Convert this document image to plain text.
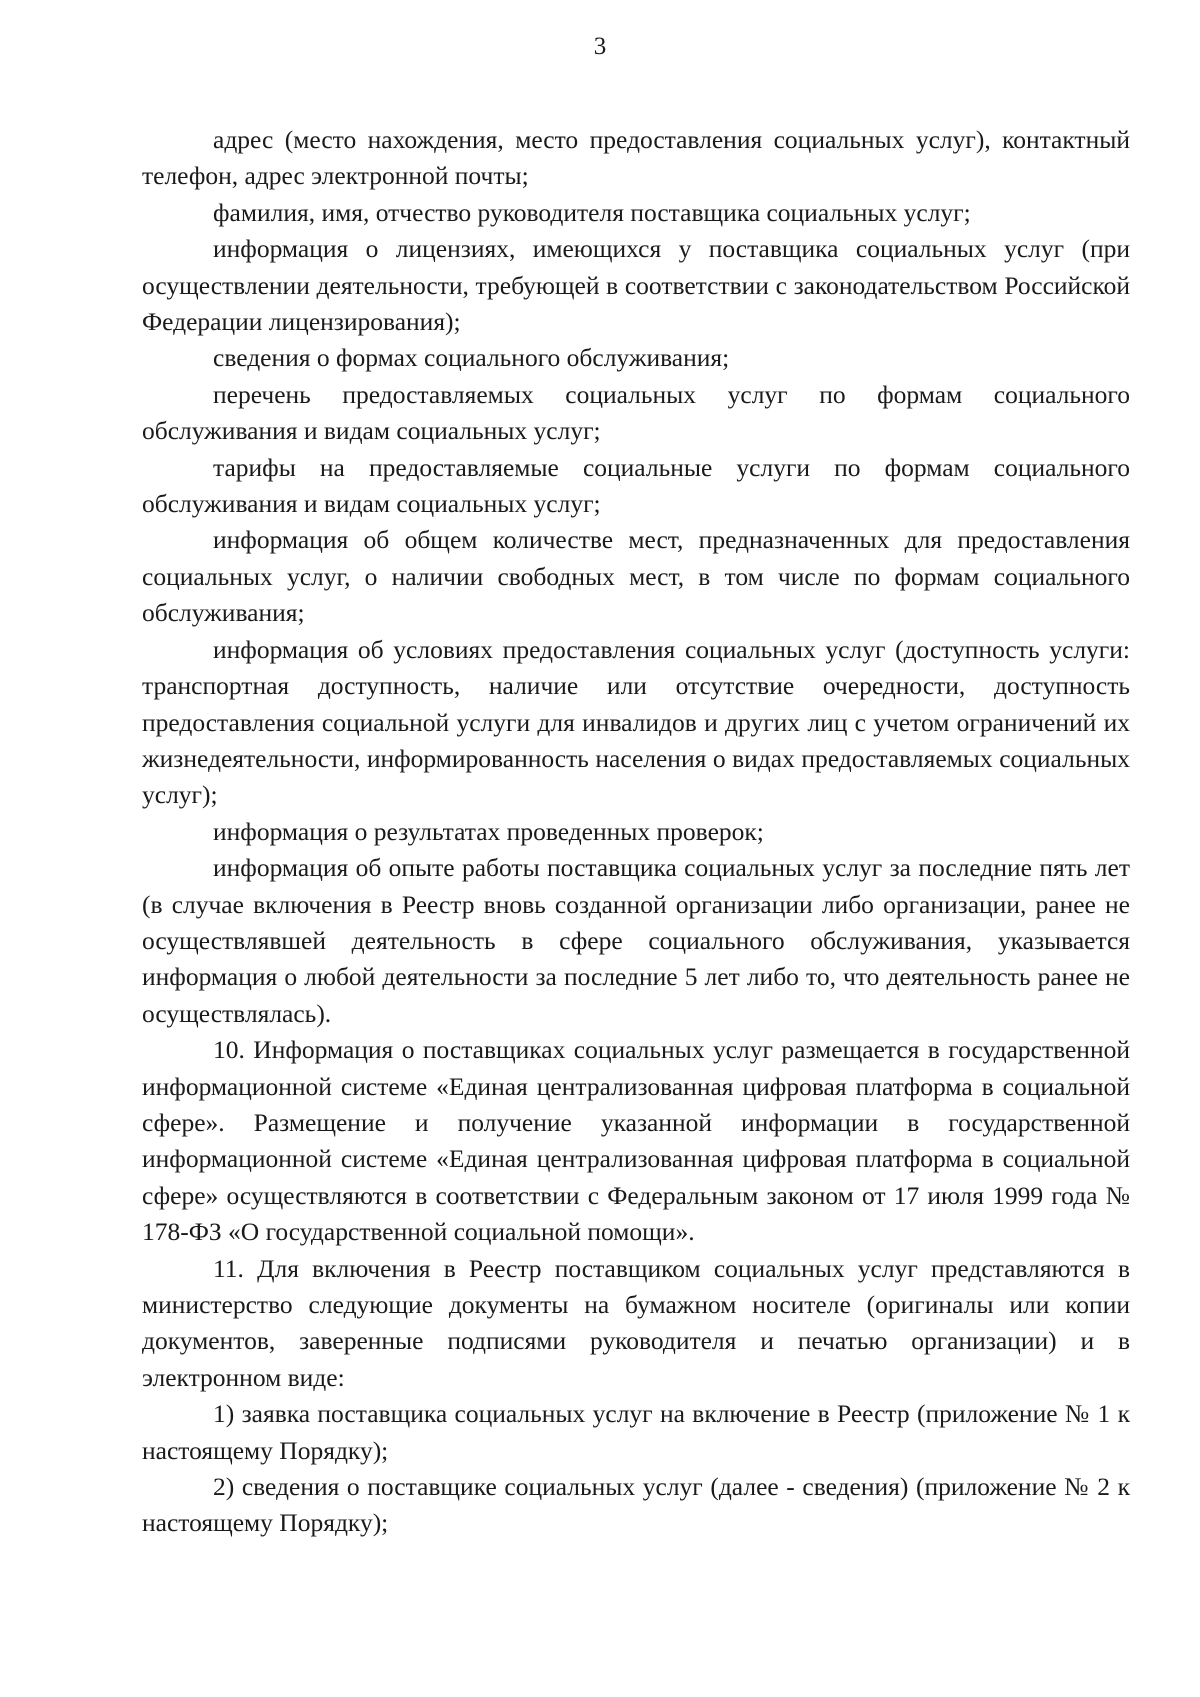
3

адрес (место нахождения, место предоставления социальных услуг), контактный телефон, адрес электронной почты;

фамилия, имя, отчество руководителя поставщика социальных услуг;

информация о лицензиях, имеющихся у поставщика социальных услуг (при осуществлении деятельности, требующей в соответствии с законодательством Российской Федерации лицензирования);

сведения о формах социального обслуживания;

перечень предоставляемых социальных услуг по формам социального обслуживания и видам социальных услуг;

тарифы на предоставляемые социальные услуги по формам социального обслуживания и видам социальных услуг;

информация об общем количестве мест, предназначенных для предоставления социальных услуг, о наличии свободных мест, в том числе по формам социального обслуживания;

информация об условиях предоставления социальных услуг (доступность услуги: транспортная доступность, наличие или отсутствие очередности, доступность предоставления социальной услуги для инвалидов и других лиц с учетом ограничений их жизнедеятельности, информированность населения о видах предоставляемых социальных услуг);

информация о результатах проведенных проверок;

информация об опыте работы поставщика социальных услуг за последние пять лет (в случае включения в Реестр вновь созданной организации либо организации, ранее не осуществлявшей деятельность в сфере социального обслуживания, указывается информация о любой деятельности за последние 5 лет либо то, что деятельность ранее не осуществлялась).

10. Информация о поставщиках социальных услуг размещается в государственной информационной системе «Единая централизованная цифровая платформа в социальной сфере». Размещение и получение указанной информации в государственной информационной системе «Единая централизованная цифровая платформа в социальной сфере» осуществляются в соответствии с Федеральным законом от 17 июля 1999 года № 178-ФЗ «О государственной социальной помощи».

11. Для включения в Реестр поставщиком социальных услуг представляются в министерство следующие документы на бумажном носителе (оригиналы или копии документов, заверенные подписями руководителя и печатью организации) и в электронном виде:

1) заявка поставщика социальных услуг на включение в Реестр (приложение № 1 к настоящему Порядку);

2) сведения о поставщике социальных услуг (далее - сведения) (приложение № 2 к настоящему Порядку);
